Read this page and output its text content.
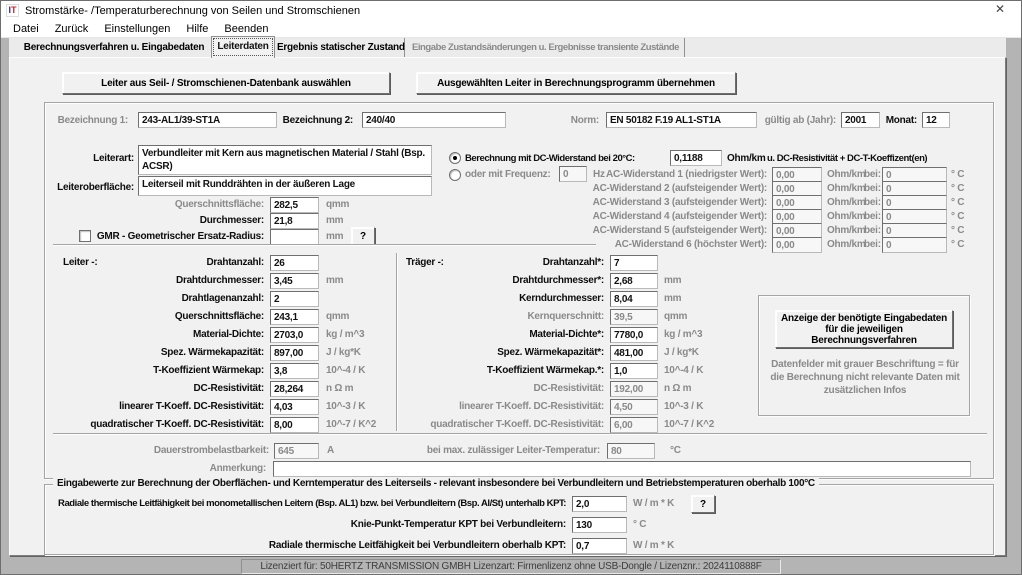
IT Stromstärke- /Temperaturberechnung von Seilen und Stromschienen	✕
Datei	Zurück	Einstellungen	Hilfe	Beenden
Berechnungsverfahren u. Eingabedaten	Leiterdaten Ergebnis statischer Zustand Eingabe Zustandsänderungen u. Ergebnisse transiente Zustände
Leiter aus Seil- / Stromschienen-Datenbank auswählen	Ausgewählten Leiter in Berechnungsprogramm übernehmen
Bezeichnung 1:
243-AL1/39-ST1A	Bezeichnung 2:
240/40	Norm:
EN 50182 F.19 AL1-ST1A	gültig ab (Jahr):
2001	Monat:
12
Leiterart: Verbundleiter mit Kern aus magnetischen Material / Stahl (Bsp. ACSR)
Leiteroberfläche: Leiterseil mit Runddrähten in der äußeren Lage
Querschnittsfläche:
282,5	qmm
Durchmesser:
21,8	mm
GMR - Geometrischer Ersatz-Radius:	mm	?
Berechnung mit DC-Widerstand bei 20°C:
0,1188	Ohm/km u. DC-Resistivität + DC-T-Koeffizent(en)
oder mit Frequenz:
0	Hz AC-Widerstand 1 (niedrigster Wert):
0,00	Ohm/km
bei:
0	° C
AC-Widerstand 2 (aufsteigender Wert):
0,00	Ohm/km
bei:
0	° C
AC-Widerstand 3 (aufsteigender Wert):
0,00	Ohm/km
bei:
0	° C
AC-Widerstand 4 (aufsteigender Wert):
0,00	Ohm/km
bei:
0	° C
AC-Widerstand 5 (aufsteigender Wert):
0,00	Ohm/km
bei:
0	° C
AC-Widerstand 6 (höchster Wert):
0,00	Ohm/km
bei:
0	° C
Leiter -:	Träger -:
Drahtanzahl:
26
Drahtdurchmesser:
3,45	mm
Drahtlagenanzahl:
2
Querschnittsfläche:
243,1	qmm
Material-Dichte:
2703,0	kg / m^3
Spez. Wärmekapazität:
897,00	J / kg*K
T-Koeffizient Wärmekap:
3,8	10^-4 / K
DC-Resistivität:
28,264	n Ω m
linearer T-Koeff. DC-Resistivität:
4,03	10^-3 / K
quadratischer T-Koeff. DC-Resistivität:
8,00	10^-7 / K^2
Drahtanzahl*:
7
Drahtdurchmesser*:
2,68	mm
Kerndurchmesser:
8,04	mm
Kernquerschnitt:
39,5	qmm
Material-Dichte*:
7780,0	kg / m^3
Spez. Wärmekapazität*:
481,00	J / kg*K
T-Koeffizient Wärmekap.*:
1,0	10^-4 / K
DC-Resistivität:
192,00	n Ω m
linearer T-Koeff. DC-Resistivität:
4,50	10^-3 / K
quadratischer T-Koeff. DC-Resistivität:
6,00	10^-7 / K^2
Anzeige der benötigte Eingabedaten für die jeweiligen Berechnungsverfahren
Datenfelder mit grauer Beschriftung = für die Berechnung nicht relevante Daten mit zusätzlichen Infos
Dauerstrombelastbarkeit:
645	A	bei max. zulässiger Leiter-Temperatur:
80	°C
Anmerkung:
Eingabewerte zur Berechnung der Oberflächen- und Kerntemperatur des Leiterseils - relevant insbesondere bei Verbundleitern und Betriebstemperaturen oberhalb 100°C
Radiale thermische Leitfähigkeit bei monometallischen Leitern (Bsp. AL1) bzw. bei Verbundleitern (Bsp. Al/St) unterhalb KPT:
2,0	W / m * K	?
Knie-Punkt-Temperatur KPT bei Verbundleitern:
130	° C
Radiale thermische Leitfähigkeit bei Verbundleitern oberhalb KPT:
0,7	W / m * K
Lizenziert für: 50HERTZ TRANSMISSION GMBH Lizenzart: Firmenlizenz ohne USB-Dongle / Lizenznr.: 2024110888F
